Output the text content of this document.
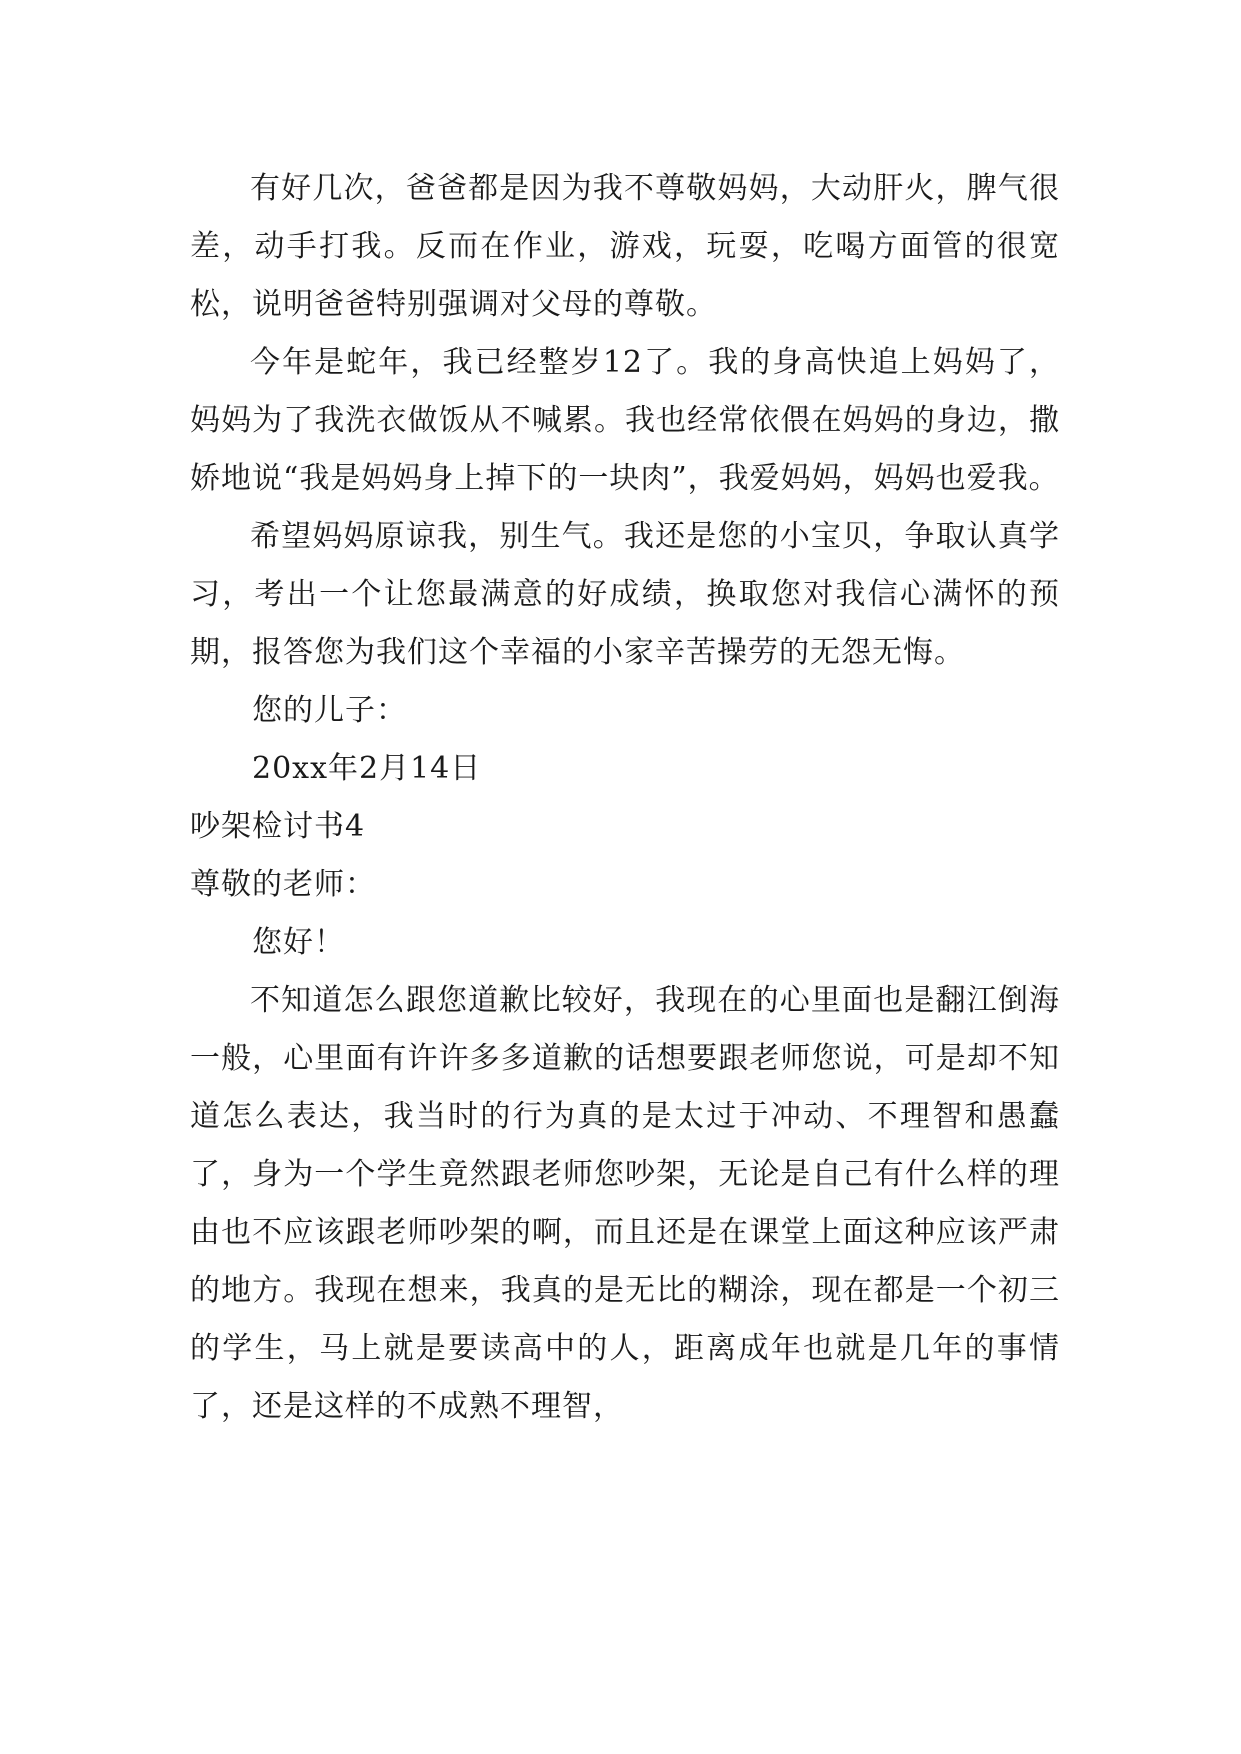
有好几次，爸爸都是因为我不尊敬妈妈，大动肝火，脾气很差，动手打我。反而在作业，游戏，玩耍，吃喝方面管的很宽松，说明爸爸特别强调对父母的尊敬。

今年是蛇年，我已经整岁12了。我的身高快追上妈妈了，妈妈为了我洗衣做饭从不喊累。我也经常依偎在妈妈的身边，撒娇地说“我是妈妈身上掉下的一块肉”，我爱妈妈，妈妈也爱我。

希望妈妈原谅我，别生气。我还是您的小宝贝，争取认真学习，考出一个让您最满意的好成绩，换取您对我信心满怀的预期，报答您为我们这个幸福的小家辛苦操劳的无怨无悔。

您的儿子：

20xx年2月14日

吵架检讨书4

尊敬的老师：

您好！

不知道怎么跟您道歉比较好，我现在的心里面也是翻江倒海一般，心里面有许许多多道歉的话想要跟老师您说，可是却不知道怎么表达，我当时的行为真的是太过于冲动、不理智和愚蠢了，身为一个学生竟然跟老师您吵架，无论是自己有什么样的理由也不应该跟老师吵架的啊，而且还是在课堂上面这种应该严肃的地方。我现在想来，我真的是无比的糊涂，现在都是一个初三的学生，马上就是要读高中的人，距离成年也就是几年的事情了，还是这样的不成熟不理智，
